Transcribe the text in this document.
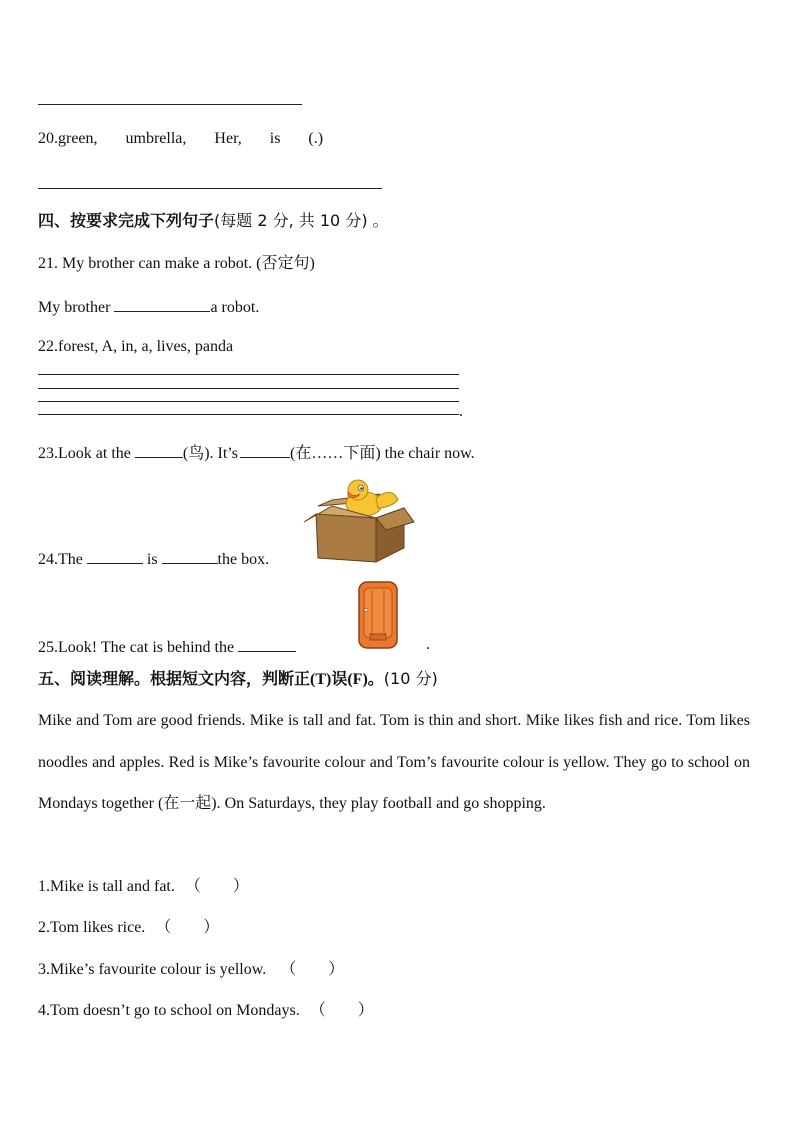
20.green, umbrella, Her, is (.)
四、按要求完成下列句子(每题 2 分, 共 10 分) 。
21. My brother can make a robot. (否定句)
My brother	a robot.
22.forest, A, in, a, lives, panda
.
23.Look at the	(鸟). It’s	(在……下面) the chair now.
24.The	is	the box.
25.Look! The cat is behind the	.
五、阅读理解。根据短文内容，判断正(T)误(F)。(10 分)
Mike and Tom are good friends. Mike is tall and fat. Tom is thin and short. Mike likes fish and rice. Tom likes noodles and apples. Red is Mike’s favourite colour and Tom’s favourite colour is yellow. They go to school on Mondays together (在一起). On Saturdays, they play football and go shopping.
1.Mike is tall and fat. （　　）
2.Tom likes rice. （　　）
3.Mike’s favourite colour is yellow. （　　）
4.Tom doesn’t go to school on Mondays. （　　）
